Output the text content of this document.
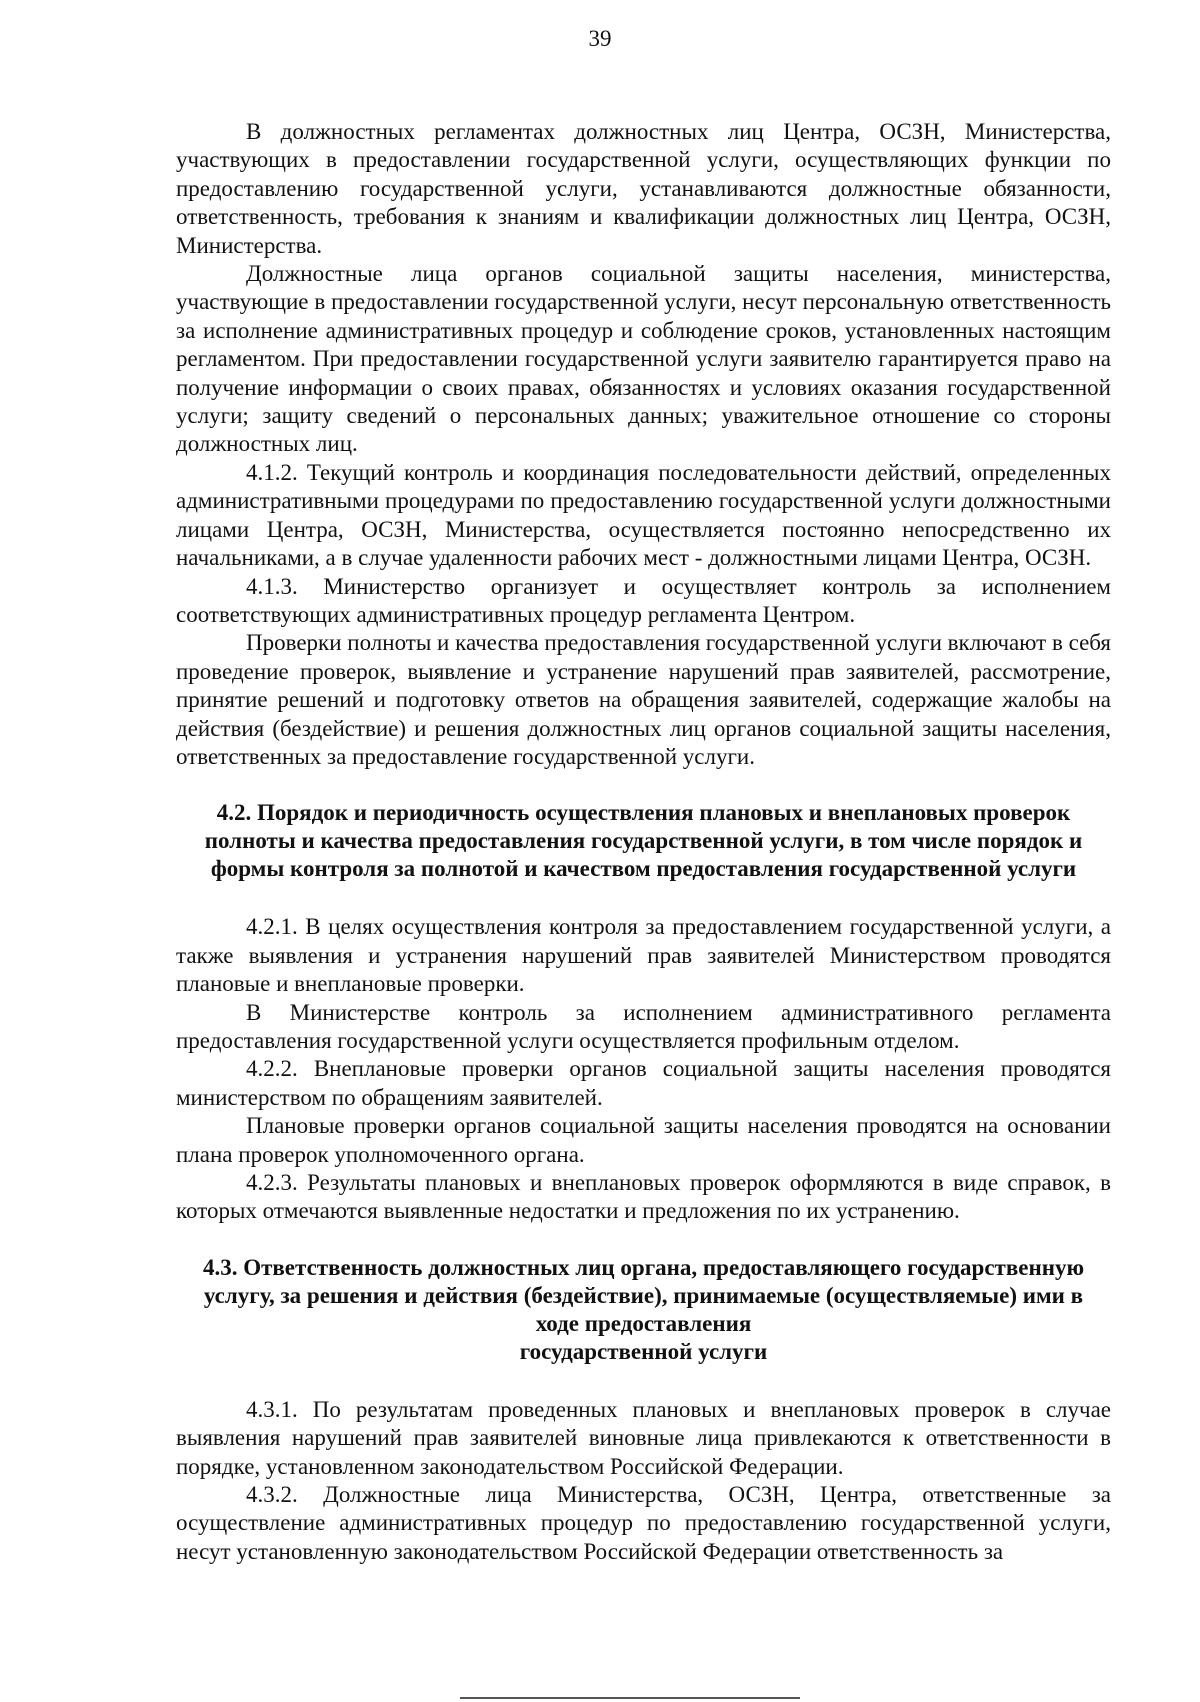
39

В должностных регламентах должностных лиц Центра, ОСЗН, Министерства, участвующих в предоставлении государственной услуги, осуществляющих функции по предоставлению государственной услуги, устанавливаются должностные обязанности, ответственность, требования к знаниям и квалификации должностных лиц Центра, ОСЗН, Министерства.

Должностные лица органов социальной защиты населения, министерства, участвующие в предоставлении государственной услуги, несут персональную ответственность за исполнение административных процедур и соблюдение сроков, установленных настоящим регламентом. При предоставлении государственной услуги заявителю гарантируется право на получение информации о своих правах, обязанностях и условиях оказания государственной услуги; защиту сведений о персональных данных; уважительное отношение со стороны должностных лиц.

4.1.2. Текущий контроль и координация последовательности действий, определенных административными процедурами по предоставлению государственной услуги должностными лицами Центра, ОСЗН, Министерства, осуществляется постоянно непосредственно их начальниками, а в случае удаленности рабочих мест - должностными лицами Центра, ОСЗН.

4.1.3. Министерство организует и осуществляет контроль за исполнением соответствующих административных процедур регламента Центром.

Проверки полноты и качества предоставления государственной услуги включают в себя проведение проверок, выявление и устранение нарушений прав заявителей, рассмотрение, принятие решений и подготовку ответов на обращения заявителей, содержащие жалобы на действия (бездействие) и решения должностных лиц органов социальной защиты населения, ответственных за предоставление государственной услуги.

4.2. Порядок и периодичность осуществления плановых и внеплановых проверок
полноты и качества предоставления государственной услуги, в том числе порядок и
формы контроля за полнотой и качеством предоставления государственной услуги

4.2.1. В целях осуществления контроля за предоставлением государственной услуги, а также выявления и устранения нарушений прав заявителей Министерством проводятся плановые и внеплановые проверки.

В Министерстве контроль за исполнением административного регламента предоставления государственной услуги осуществляется профильным отделом.

4.2.2. Внеплановые проверки органов социальной защиты населения проводятся министерством по обращениям заявителей.

Плановые проверки органов социальной защиты населения проводятся на основании плана проверок уполномоченного органа.

4.2.3. Результаты плановых и внеплановых проверок оформляются в виде справок, в которых отмечаются выявленные недостатки и предложения по их устранению.

4.3. Ответственность должностных лиц органа, предоставляющего государственную
услугу, за решения и действия (бездействие), принимаемые (осуществляемые) ими в
ходе предоставления
государственной услуги

4.3.1. По результатам проведенных плановых и внеплановых проверок в случае выявления нарушений прав заявителей виновные лица привлекаются к ответственности в порядке, установленном законодательством Российской Федерации.

4.3.2. Должностные лица Министерства, ОСЗН, Центра, ответственные за осуществление административных процедур по предоставлению государственной услуги, несут установленную законодательством Российской Федерации ответственность за
